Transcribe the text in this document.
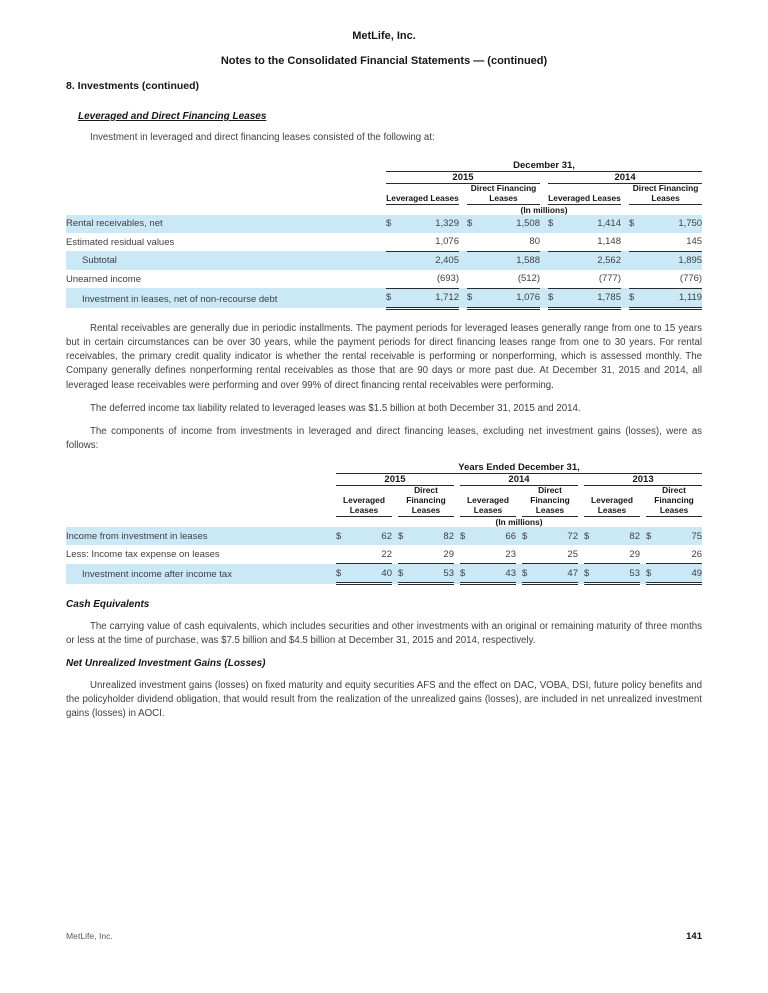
MetLife, Inc.
Notes to the Consolidated Financial Statements — (continued)
8. Investments (continued)
Leveraged and Direct Financing Leases
Investment in leveraged and direct financing leases consisted of the following at:
	December 31,										
	2015						2014				
	Leveraged Leases			Direct Financing Leases			Leveraged Leases			Direct Financing Leases	
	(In millions)										
Rental receivables, net	$	1,329		$	1,508		$	1,414		$	1,750
Estimated residual values		1,076			80			1,148			145
Subtotal		2,405			1,588			2,562			1,895
Unearned income		(693)			(512)			(777)			(776)
Investment in leases, net of non-recourse debt	$	1,712		$	1,076		$	1,785		$	1,119

Rental receivables are generally due in periodic installments. The payment periods for leveraged leases generally range from one to 15 years but in certain circumstances can be over 30 years, while the payment periods for direct financing leases range from one to 30 years. For rental receivables, the primary credit quality indicator is whether the rental receivable is performing or nonperforming, which is assessed monthly. The Company generally defines nonperforming rental receivables as those that are 90 days or more past due. At December 31, 2015 and 2014, all leveraged lease receivables were performing and over 99% of direct financing rental receivables were performing.

The deferred income tax liability related to leveraged leases was $1.5 billion at both December 31, 2015 and 2014.

The components of income from investments in leveraged and direct financing leases, excluding net investment gains (losses), were as follows:

	Years Ended December 31,																
	2015						2014						2013				
	Leveraged Leases			Direct Financing Leases			Leveraged Leases			Direct Financing Leases			Leveraged Leases			Direct Financing Leases	
	(In millions)																
Income from investment in leases	$	62		$	82		$	66		$	72		$	82		$	75
Less: Income tax expense on leases		22			29			23			25			29			26
Investment income after income tax	$	40		$	53		$	43		$	47		$	53		$	49
Cash Equivalents

The carrying value of cash equivalents, which includes securities and other investments with an original or remaining maturity of three months or less at the time of purchase, was $7.5 billion and $4.5 billion at December 31, 2015 and 2014, respectively.

Net Unrealized Investment Gains (Losses)

Unrealized investment gains (losses) on fixed maturity and equity securities AFS and the effect on DAC, VOBA, DSI, future policy benefits and the policyholder dividend obligation, that would result from the realization of the unrealized gains (losses), are included in net unrealized investment gains (losses) in AOCI.

MetLife, Inc.	141
